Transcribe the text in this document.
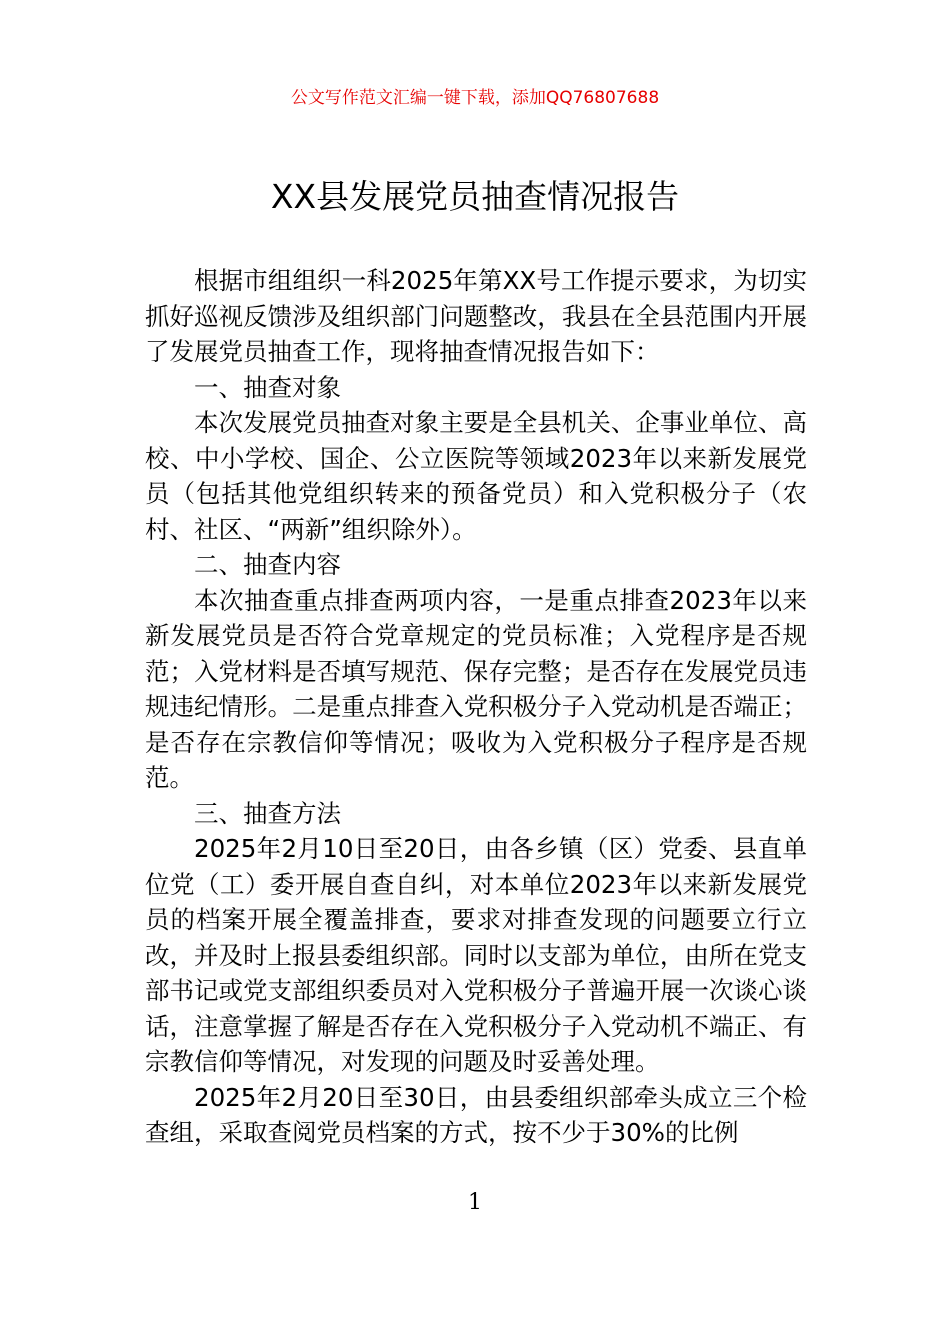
公文写作范文汇编一键下载，添加QQ76807688
XX县发展党员抽查情况报告

根据市组组织一科2025年第XX号工作提示要求，为切实抓好巡视反馈涉及组织部门问题整改，我县在全县范围内开展了发展党员抽查工作，现将抽查情况报告如下：

一、抽查对象

本次发展党员抽查对象主要是全县机关、企事业单位、高校、中小学校、国企、公立医院等领域2023年以来新发展党员（包括其他党组织转来的预备党员）和入党积极分子（农村、社区、“两新”组织除外）。

二、抽查内容

本次抽查重点排查两项内容，一是重点排查2023年以来新发展党员是否符合党章规定的党员标准；入党程序是否规范；入党材料是否填写规范、保存完整；是否存在发展党员违规违纪情形。二是重点排查入党积极分子入党动机是否端正；是否存在宗教信仰等情况；吸收为入党积极分子程序是否规范。

三、抽查方法

2025年2月10日至20日，由各乡镇（区）党委、县直单位党（工）委开展自查自纠，对本单位2023年以来新发展党员的档案开展全覆盖排查，要求对排查发现的问题要立行立改，并及时上报县委组织部。同时以支部为单位，由所在党支部书记或党支部组织委员对入党积极分子普遍开展一次谈心谈话，注意掌握了解是否存在入党积极分子入党动机不端正、有宗教信仰等情况，对发现的问题及时妥善处理。

2025年2月20日至30日，由县委组织部牵头成立三个检查组，采取查阅党员档案的方式，按不少于30%的比例

1
